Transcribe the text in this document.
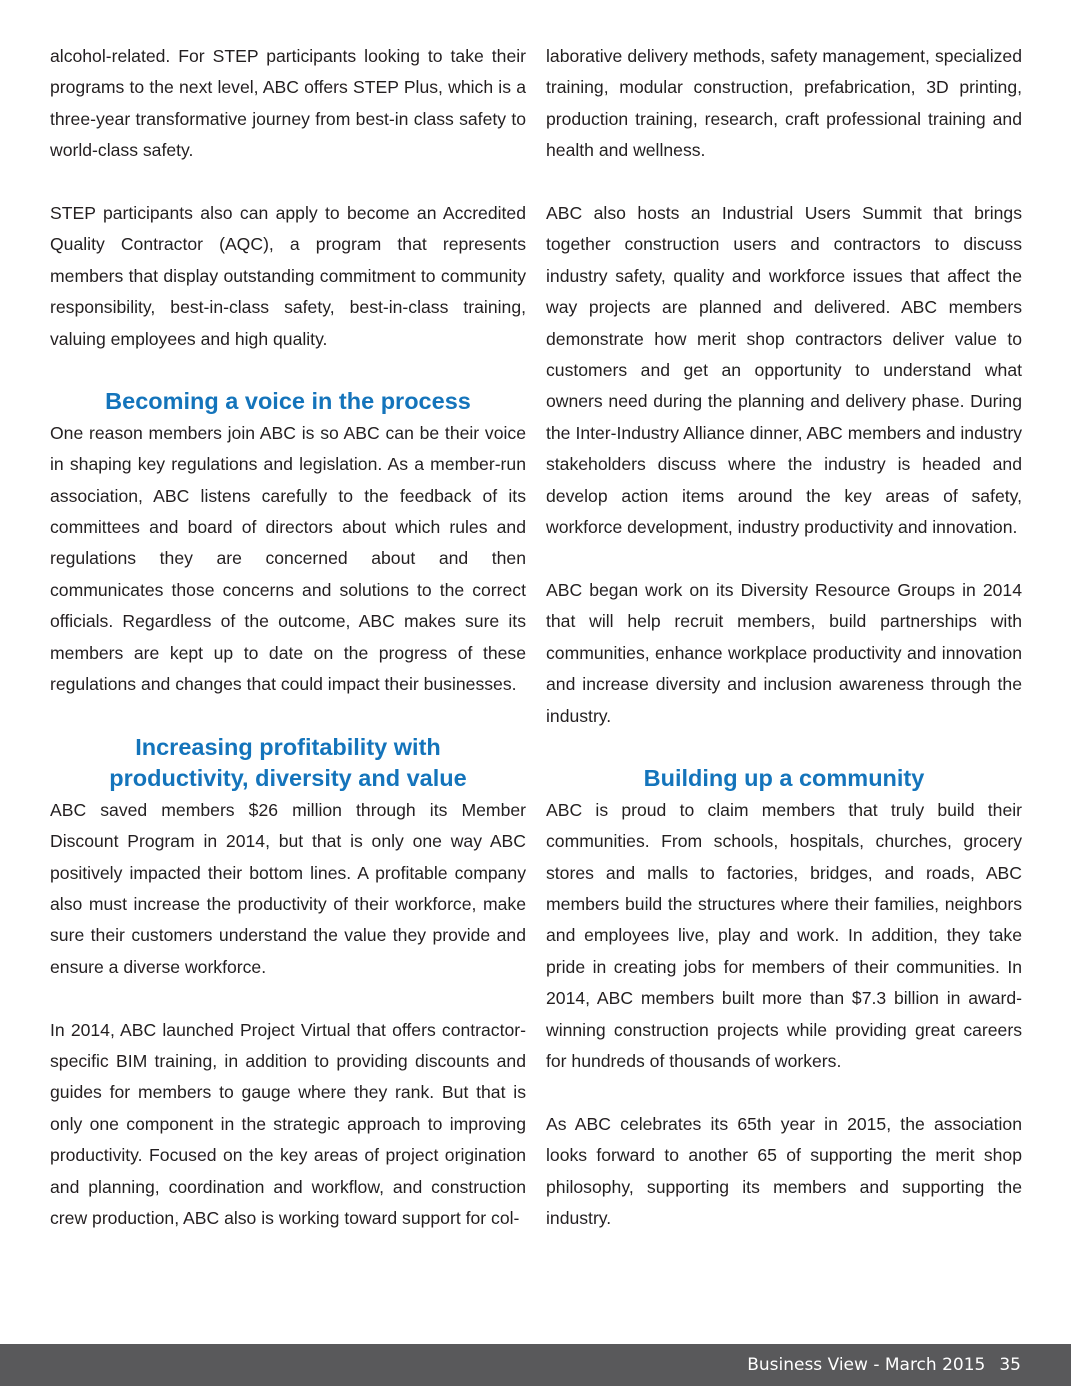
alcohol-related. For STEP participants looking to take their programs to the next level, ABC offers STEP Plus, which is a three-year transformative journey from best-in class safety to world-class safety.

STEP participants also can apply to become an Accredited Quality Contractor (AQC), a program that represents members that display outstanding commitment to community responsibility, best-in-class safety, best-in-class training, valuing employees and high quality.

Becoming a voice in the process

One reason members join ABC is so ABC can be their voice in shaping key regulations and legislation. As a member-run association, ABC listens carefully to the feedback of its committees and board of directors about which rules and regulations they are concerned about and then communicates those concerns and solutions to the correct officials. Regardless of the outcome, ABC makes sure its members are kept up to date on the progress of these regulations and changes that could impact their businesses.

Increasing profitability with productivity, diversity and value

ABC saved members $26 million through its Member Discount Program in 2014, but that is only one way ABC positively impacted their bottom lines. A profitable company also must increase the productivity of their workforce, make sure their customers understand the value they provide and ensure a diverse workforce.

In 2014, ABC launched Project Virtual that offers contractor-specific BIM training, in addition to providing discounts and guides for members to gauge where they rank. But that is only one component in the strategic approach to improving productivity. Focused on the key areas of project origination and planning, coordination and workflow, and construction crew production, ABC also is working toward support for col-

laborative delivery methods, safety management, specialized training, modular construction, prefabrication, 3D printing, production training, research, craft professional training and health and wellness.

ABC also hosts an Industrial Users Summit that brings together construction users and contractors to discuss industry safety, quality and workforce issues that affect the way projects are planned and delivered. ABC members demonstrate how merit shop contractors deliver value to customers and get an opportunity to understand what owners need during the planning and delivery phase. During the Inter-Industry Alliance dinner, ABC members and industry stakeholders discuss where the industry is headed and develop action items around the key areas of safety, workforce development, industry productivity and innovation.

ABC began work on its Diversity Resource Groups in 2014 that will help recruit members, build partnerships with communities, enhance workplace productivity and innovation and increase diversity and inclusion awareness through the industry.

Building up a community

ABC is proud to claim members that truly build their communities. From schools, hospitals, churches, grocery stores and malls to factories, bridges, and roads, ABC members build the structures where their families, neighbors and employees live, play and work. In addition, they take pride in creating jobs for members of their communities. In 2014, ABC members built more than $7.3 billion in award-winning construction projects while providing great careers for hundreds of thousands of workers.

As ABC celebrates its 65th year in 2015, the association looks forward to another 65 of supporting the merit shop philosophy, supporting its members and supporting the industry.

Business View - March 2015 35
